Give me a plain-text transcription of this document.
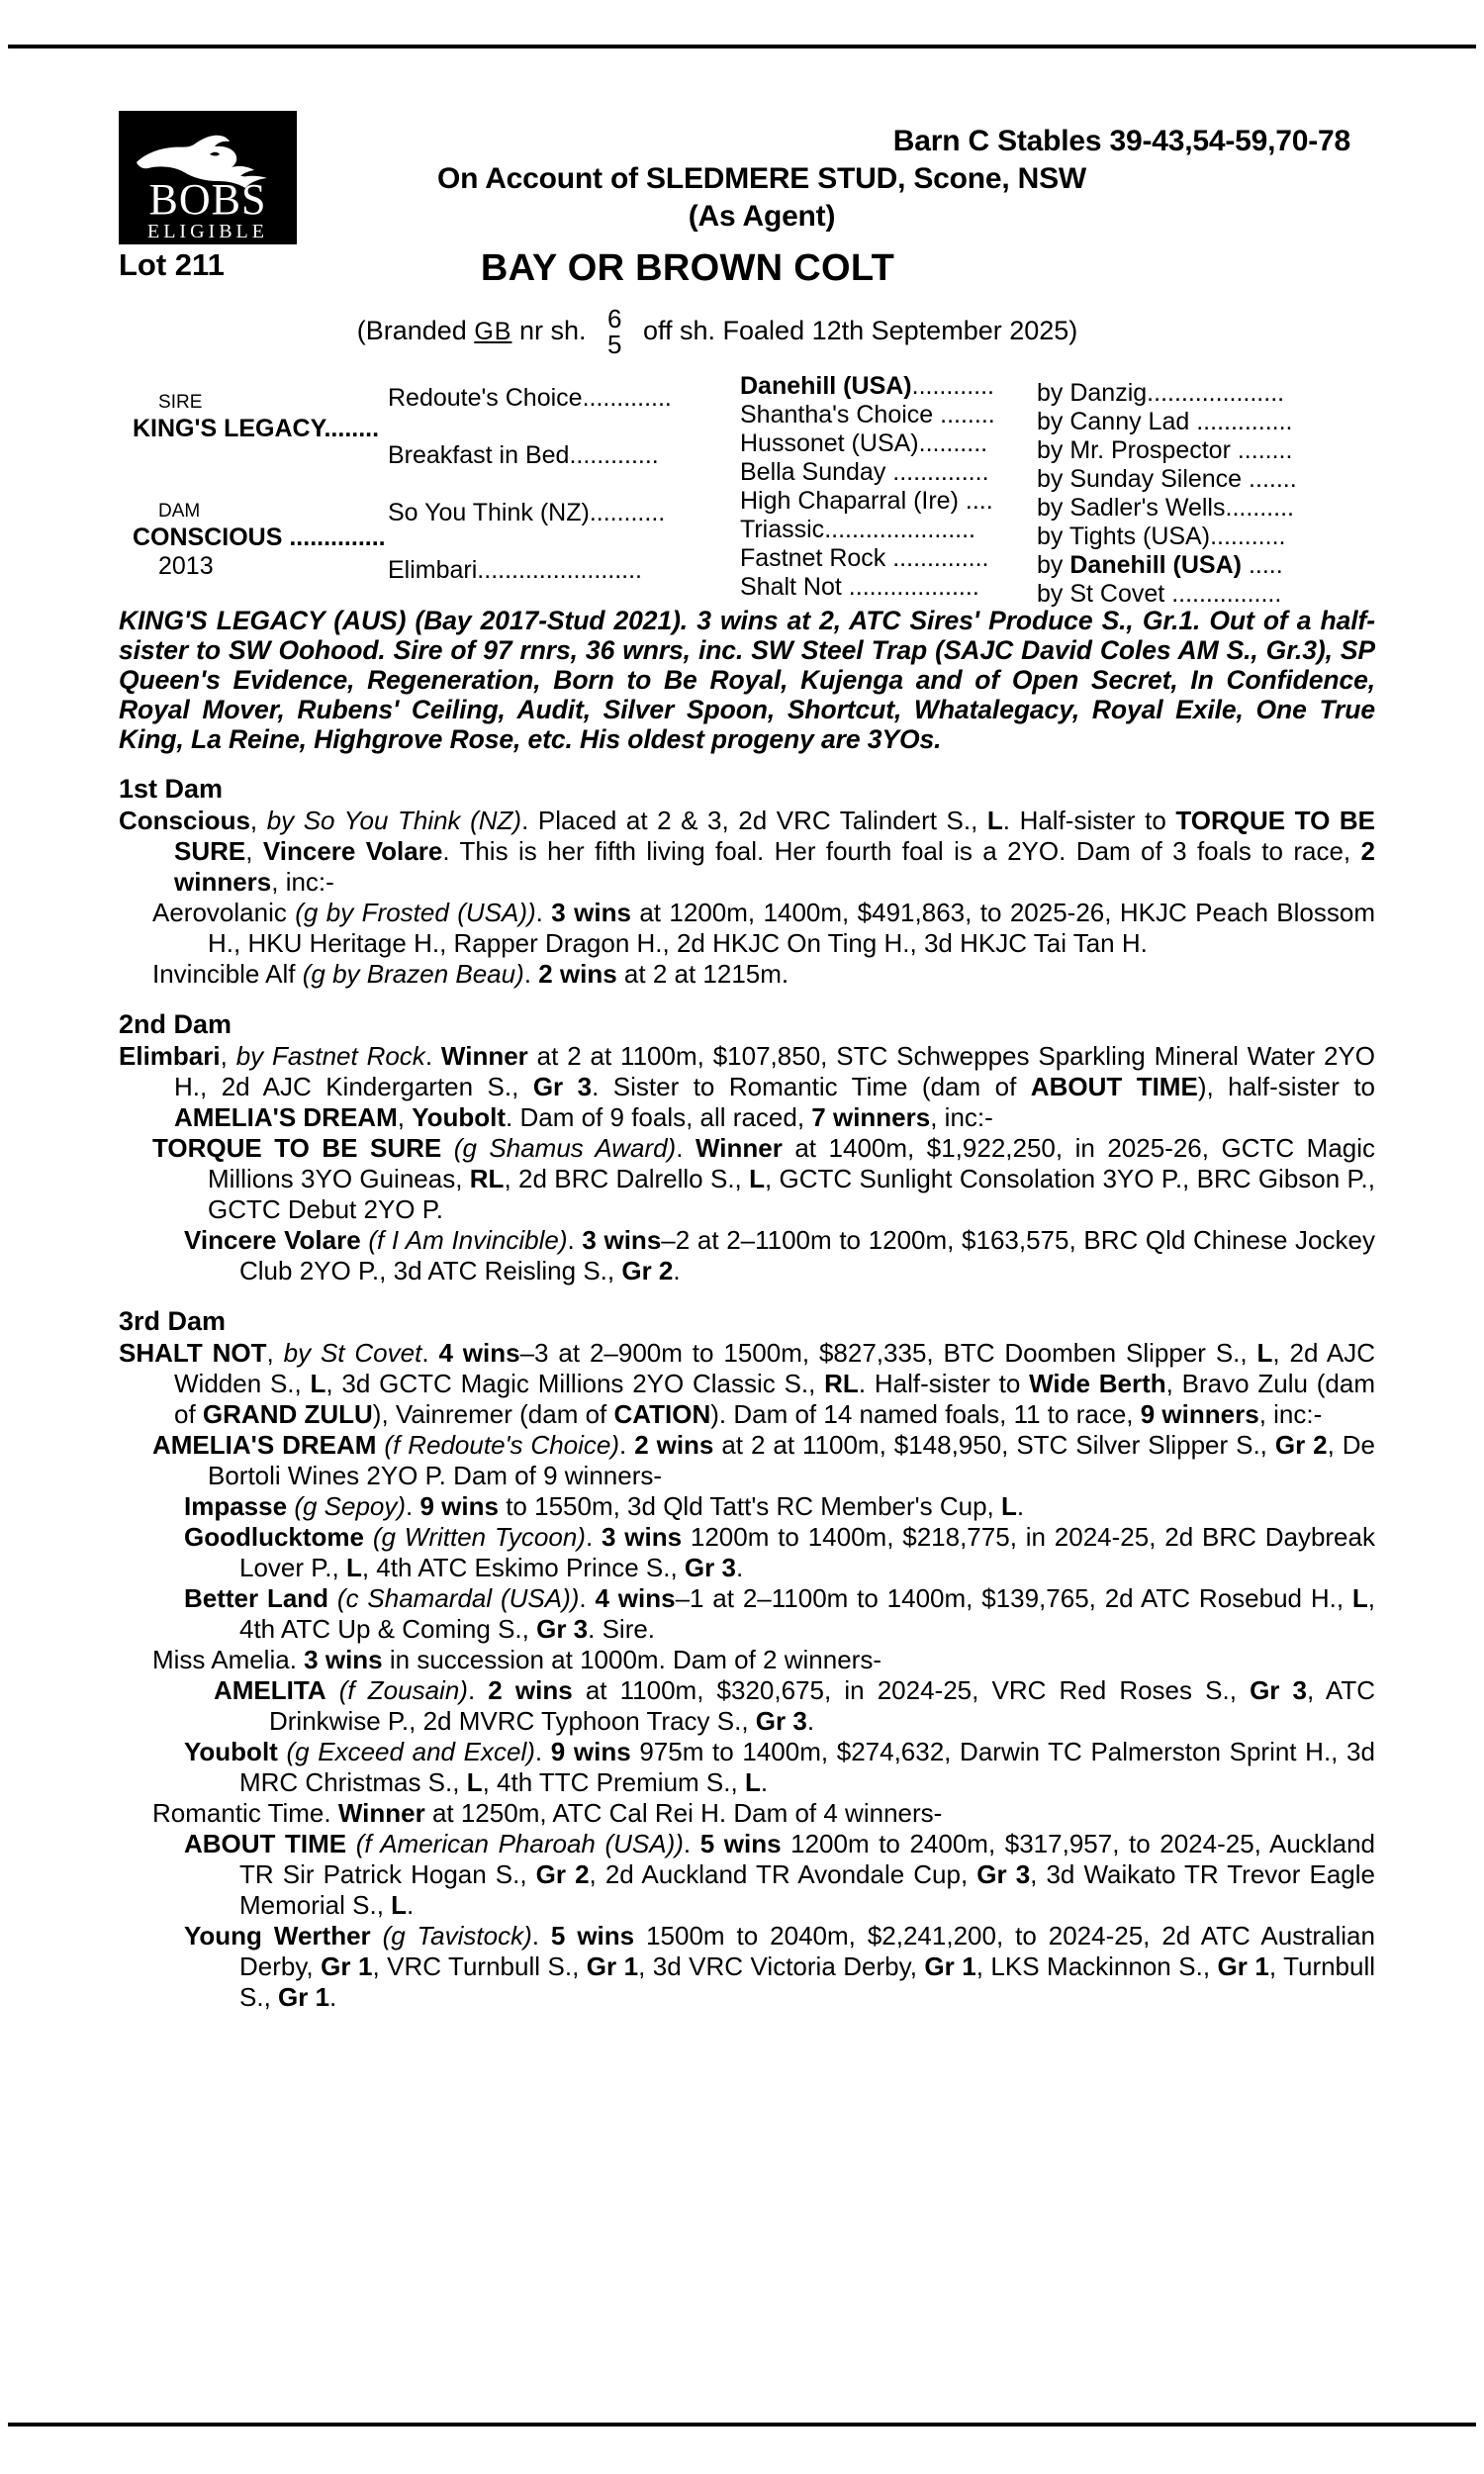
BOBS
ELIGIBLE
Barn C Stables 39-43,54-59,70-78
On Account of SLEDMERE STUD, Scone, NSW
(As Agent)
Lot 211	BAY OR BROWN COLT
(Branded GB nr sh. 6
5 off sh. Foaled 12th September 2025)
sire
KING'S LEGACY........
dam
CONSCIOUS ..............
2013
Redoute's Choice.............
Breakfast in Bed.............
So You Think (NZ)...........
Elimbari........................
Danehill (USA)............ by Danzig....................
Shantha's Choice ........ by Canny Lad ..............
Hussonet (USA).......... by Mr. Prospector ........
Bella Sunday .............. by Sunday Silence .......
High Chaparral (Ire) .... by Sadler's Wells..........
Triassic...................... by Tights (USA)...........
Fastnet Rock .............. by Danehill (USA) .....
Shalt Not ................... by St Covet ................
KING'S LEGACY (AUS) (Bay 2017-Stud 2021). 3 wins at 2, ATC Sires' Produce S., Gr.1. Out of a half-sister to SW Oohood. Sire of 97 rnrs, 36 wnrs, inc. SW Steel Trap (SAJC David Coles AM S., Gr.3), SP Queen's Evidence, Regeneration, Born to Be Royal, Kujenga and of Open Secret, In Confidence, Royal Mover, Rubens' Ceiling, Audit, Silver Spoon, Shortcut, Whatalegacy, Royal Exile, One True King, La Reine, Highgrove Rose, etc. His oldest progeny are 3YOs.
1st Dam
Conscious, by So You Think (NZ). Placed at 2 & 3, 2d VRC Talindert S., L. Half-sister to TORQUE TO BE SURE, Vincere Volare. This is her fifth living foal. Her fourth foal is a 2YO. Dam of 3 foals to race, 2 winners, inc:-
Aerovolanic (g by Frosted (USA)). 3 wins at 1200m, 1400m, $491,863, to 2025-26, HKJC Peach Blossom H., HKU Heritage H., Rapper Dragon H., 2d HKJC On Ting H., 3d HKJC Tai Tan H.
Invincible Alf (g by Brazen Beau). 2 wins at 2 at 1215m.
2nd Dam
Elimbari, by Fastnet Rock. Winner at 2 at 1100m, $107,850, STC Schweppes Sparkling Mineral Water 2YO H., 2d AJC Kindergarten S., Gr 3. Sister to Romantic Time (dam of ABOUT TIME), half-sister to AMELIA'S DREAM, Youbolt. Dam of 9 foals, all raced, 7 winners, inc:-
TORQUE TO BE SURE (g Shamus Award). Winner at 1400m, $1,922,250, in 2025-26, GCTC Magic Millions 3YO Guineas, RL, 2d BRC Dalrello S., L, GCTC Sunlight Consolation 3YO P., BRC Gibson P., GCTC Debut 2YO P.
Vincere Volare (f I Am Invincible). 3 wins–2 at 2–1100m to 1200m, $163,575, BRC Qld Chinese Jockey Club 2YO P., 3d ATC Reisling S., Gr 2.
3rd Dam
SHALT NOT, by St Covet. 4 wins–3 at 2–900m to 1500m, $827,335, BTC Doomben Slipper S., L, 2d AJC Widden S., L, 3d GCTC Magic Millions 2YO Classic S., RL. Half-sister to Wide Berth, Bravo Zulu (dam of GRAND ZULU), Vainremer (dam of CATION). Dam of 14 named foals, 11 to race, 9 winners, inc:-
AMELIA'S DREAM (f Redoute's Choice). 2 wins at 2 at 1100m, $148,950, STC Silver Slipper S., Gr 2, De Bortoli Wines 2YO P. Dam of 9 winners-
Impasse (g Sepoy). 9 wins to 1550m, 3d Qld Tatt's RC Member's Cup, L.
Goodlucktome (g Written Tycoon). 3 wins 1200m to 1400m, $218,775, in 2024-25, 2d BRC Daybreak Lover P., L, 4th ATC Eskimo Prince S., Gr 3.
Better Land (c Shamardal (USA)). 4 wins–1 at 2–1100m to 1400m, $139,765, 2d ATC Rosebud H., L, 4th ATC Up & Coming S., Gr 3. Sire.
Miss Amelia. 3 wins in succession at 1000m. Dam of 2 winners-
AMELITA (f Zousain). 2 wins at 1100m, $320,675, in 2024-25, VRC Red Roses S., Gr 3, ATC Drinkwise P., 2d MVRC Typhoon Tracy S., Gr 3.
Youbolt (g Exceed and Excel). 9 wins 975m to 1400m, $274,632, Darwin TC Palmerston Sprint H., 3d MRC Christmas S., L, 4th TTC Premium S., L.
Romantic Time. Winner at 1250m, ATC Cal Rei H. Dam of 4 winners-
ABOUT TIME (f American Pharoah (USA)). 5 wins 1200m to 2400m, $317,957, to 2024-25, Auckland TR Sir Patrick Hogan S., Gr 2, 2d Auckland TR Avondale Cup, Gr 3, 3d Waikato TR Trevor Eagle Memorial S., L.
Young Werther (g Tavistock). 5 wins 1500m to 2040m, $2,241,200, to 2024-25, 2d ATC Australian Derby, Gr 1, VRC Turnbull S., Gr 1, 3d VRC Victoria Derby, Gr 1, LKS Mackinnon S., Gr 1, Turnbull S., Gr 1.
